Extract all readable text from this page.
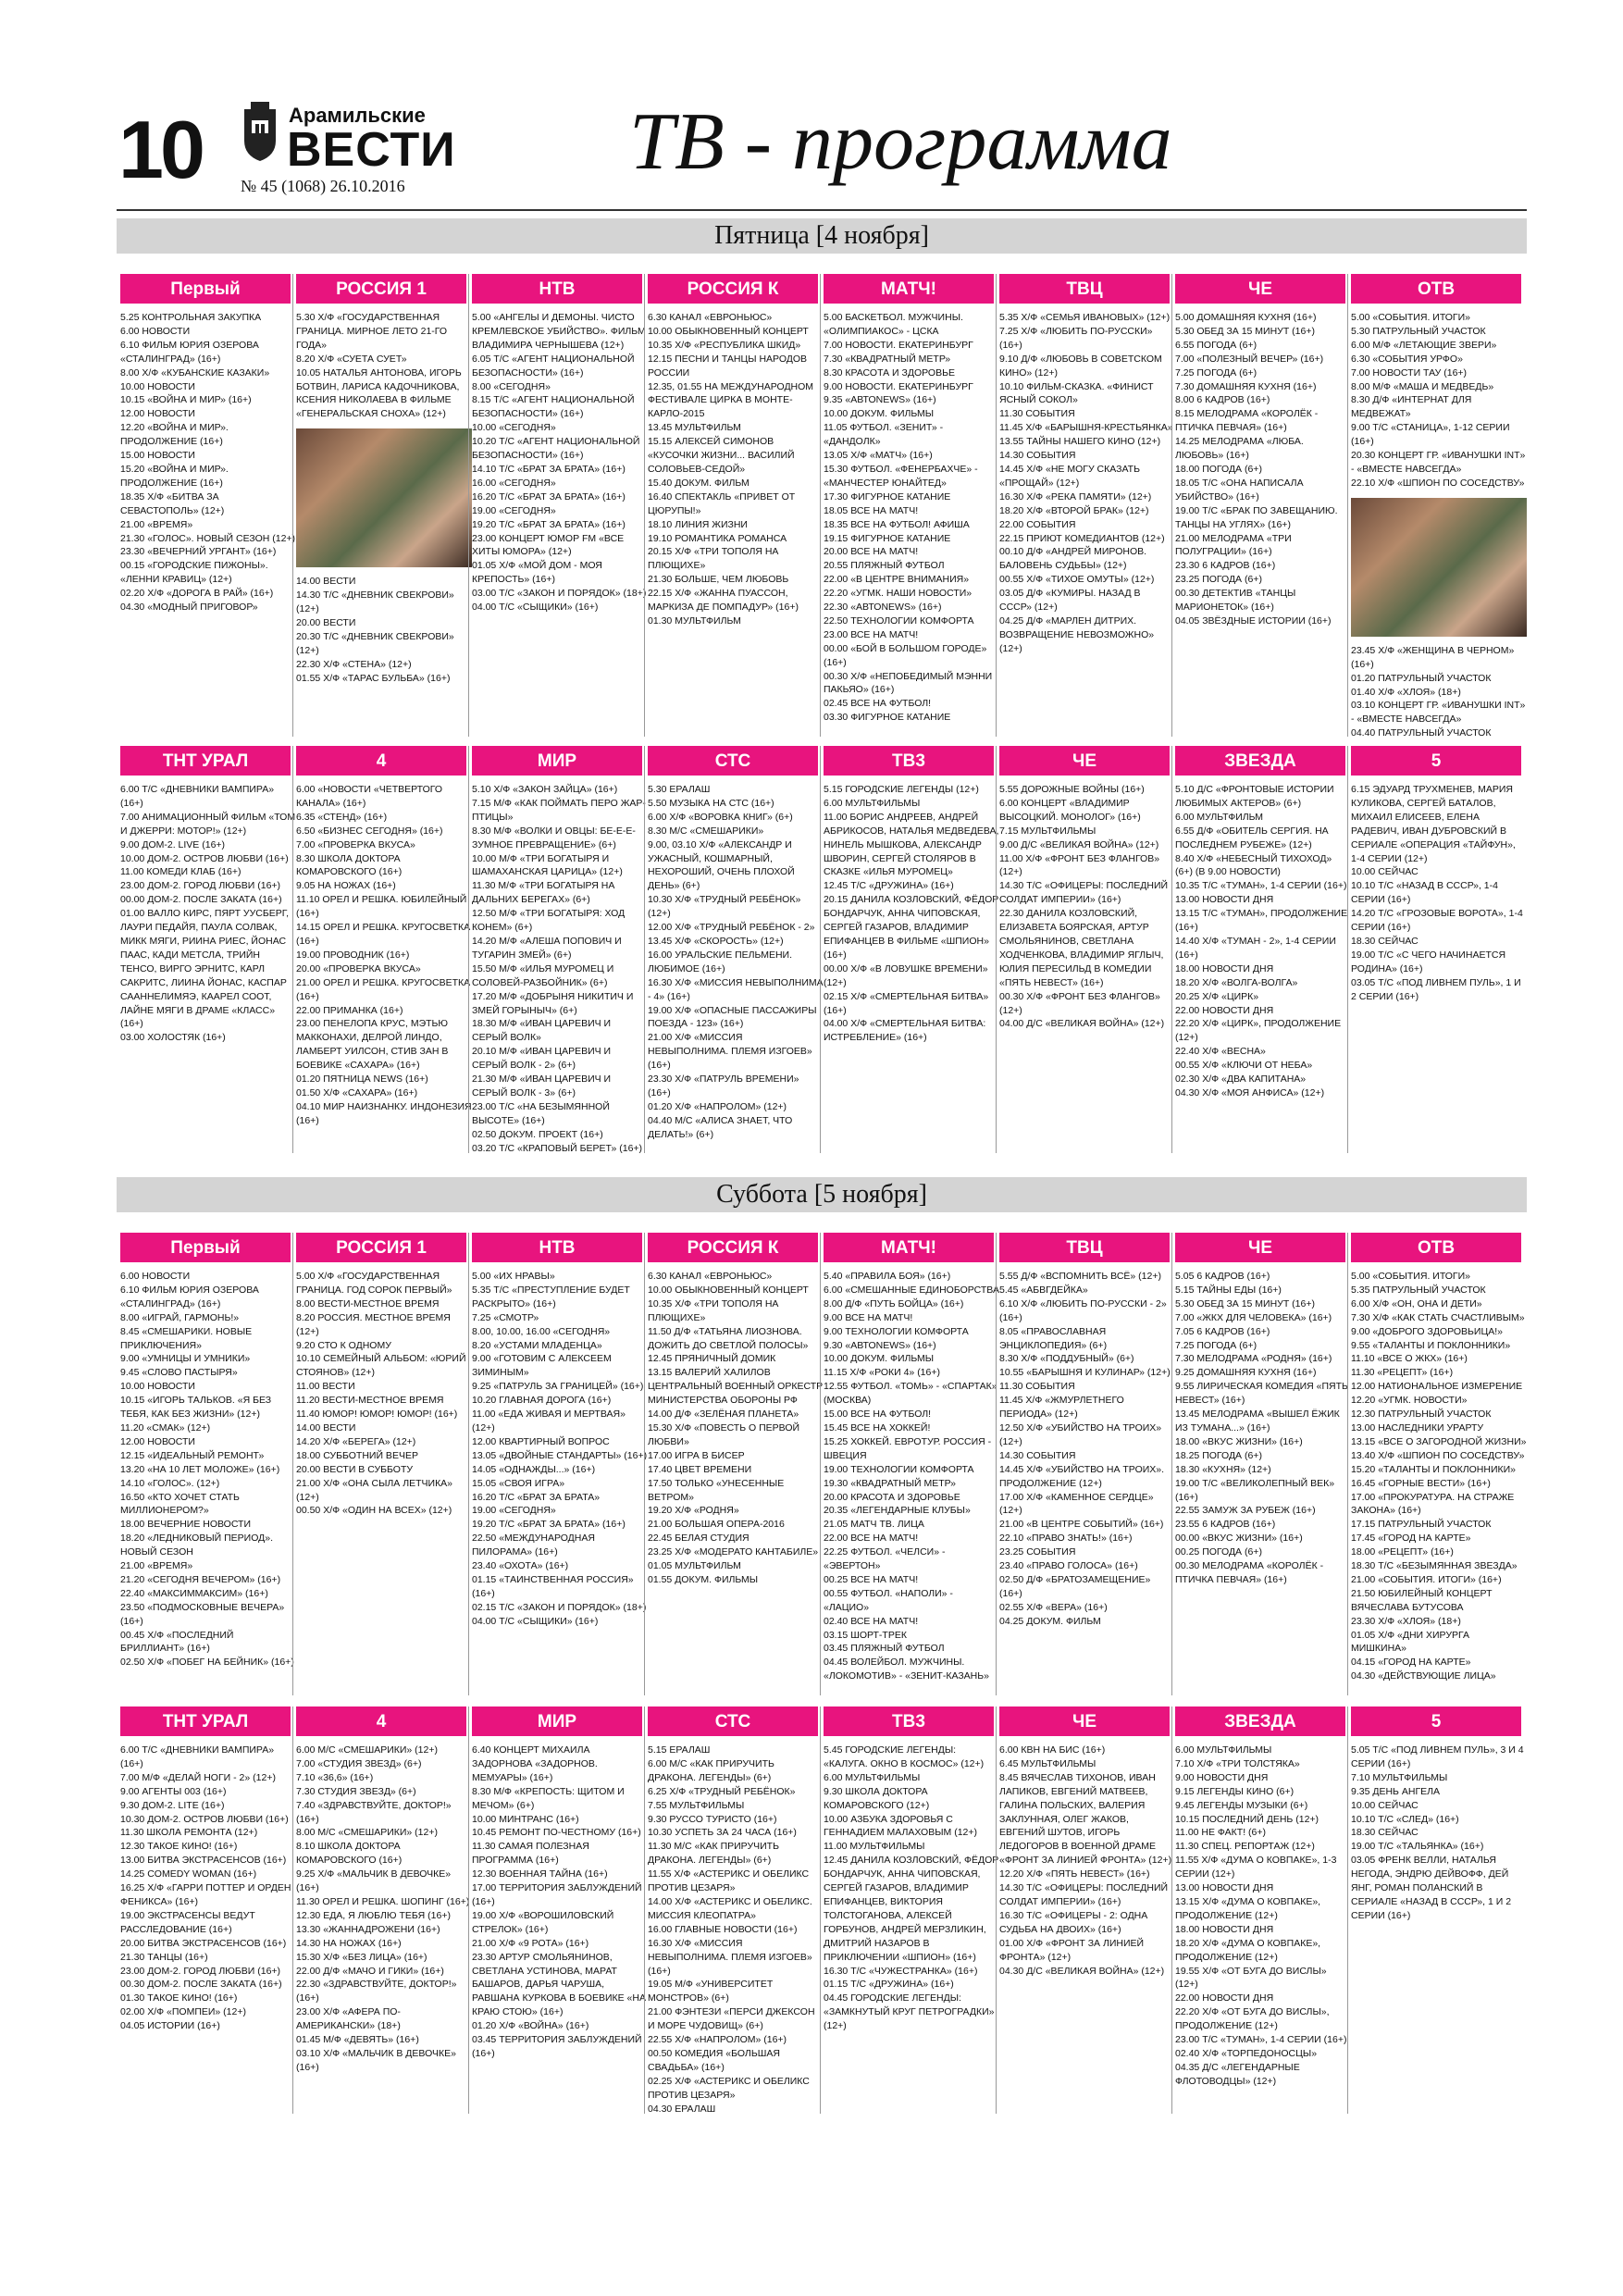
10	Арамильские
ВЕСТИ
№ 45 (1068) 26.10.2016	ТВ - программа
Пятница [4 ноября]
Первый

5.25 КОНТРОЛЬНАЯ ЗАКУПКА

6.00 НОВОСТИ

6.10 ФИЛЬМ ЮРИЯ ОЗЕРОВА «СТАЛИНГРАД» (16+)

8.00 Х/Ф «КУБАНСКИЕ КАЗАКИ»

10.00 НОВОСТИ

10.15 «ВОЙНА И МИР» (16+)

12.00 НОВОСТИ

12.20 «ВОЙНА И МИР». ПРОДОЛЖЕНИЕ (16+)

15.00 НОВОСТИ

15.20 «ВОЙНА И МИР». ПРОДОЛЖЕНИЕ (16+)

18.35 Х/Ф «БИТВА ЗА СЕВАСТОПОЛЬ» (12+)

21.00 «ВРЕМЯ»

21.30 «ГОЛОС». НОВЫЙ СЕЗОН (12+)

23.30 «ВЕЧЕРНИЙ УРГАНТ» (16+)

00.15 «ГОРОДСКИЕ ПИЖОНЫ». «ЛЕННИ КРАВИЦ» (12+)

02.20 Х/Ф «ДОРОГА В РАЙ» (16+)

04.30 «МОДНЫЙ ПРИГОВОР»

РОССИЯ 1

5.30 Х/Ф «ГОСУДАРСТВЕННАЯ ГРАНИЦА. МИРНОЕ ЛЕТО 21-ГО ГОДА»

8.20 Х/Ф «СУЕТА СУЕТ»

10.05 НАТАЛЬЯ АНТОНОВА, ИГОРЬ БОТВИН, ЛАРИСА КАДОЧНИКОВА, КСЕНИЯ НИКОЛАЕВА В ФИЛЬМЕ «ГЕНЕРАЛЬСКАЯ СНОХА» (12+)

14.00 ВЕСТИ

14.30 Т/С «ДНЕВНИК СВЕКРОВИ» (12+)

20.00 ВЕСТИ

20.30 Т/С «ДНЕВНИК СВЕКРОВИ» (12+)

22.30 Х/Ф «СТЕНА» (12+)

01.55 Х/Ф «ТАРАС БУЛЬБА» (16+)

НТВ

5.00 «АНГЕЛЫ И ДЕМОНЫ. ЧИСТО КРЕМЛЕВСКОЕ УБИЙСТВО». ФИЛЬМ ВЛАДИМИРА ЧЕРНЫШЕВА (12+)

6.05 Т/С «АГЕНТ НАЦИОНАЛЬНОЙ БЕЗОПАСНОСТИ» (16+)

8.00 «СЕГОДНЯ»

8.15 Т/С «АГЕНТ НАЦИОНАЛЬНОЙ БЕЗОПАСНОСТИ» (16+)

10.00 «СЕГОДНЯ»

10.20 Т/С «АГЕНТ НАЦИОНАЛЬНОЙ БЕЗОПАСНОСТИ» (16+)

14.10 Т/С «БРАТ ЗА БРАТА» (16+)

16.00 «СЕГОДНЯ»

16.20 Т/С «БРАТ ЗА БРАТА» (16+)

19.00 «СЕГОДНЯ»

19.20 Т/С «БРАТ ЗА БРАТА» (16+)

23.00 КОНЦЕРТ ЮМОР FM «ВСЕ ХИТЫ ЮМОРА» (12+)

01.05 Х/Ф «МОЙ ДОМ - МОЯ КРЕПОСТЬ» (16+)

03.00 Т/С «ЗАКОН И ПОРЯДОК» (18+)

04.00 Т/С «СЫЩИКИ» (16+)

РОССИЯ К

6.30 КАНАЛ «ЕВРОНЬЮС»

10.00 ОБЫКНОВЕННЫЙ КОНЦЕРТ

10.35 Х/Ф «РЕСПУБЛИКА ШКИД»

12.15 ПЕСНИ И ТАНЦЫ НАРОДОВ РОССИИ

12.35, 01.55 НА МЕЖДУНАРОДНОМ ФЕСТИВАЛЕ ЦИРКА В МОНТЕ-КАРЛО-2015

13.45 МУЛЬТФИЛЬМ

15.15 АЛЕКСЕЙ СИМОНОВ «КУСОЧКИ ЖИЗНИ... ВАСИЛИЙ СОЛОВЬЕВ-СЕДОЙ»

15.40 ДОКУМ. ФИЛЬМ

16.40 СПЕКТАКЛЬ «ПРИВЕТ ОТ ЦЮРУПЫ!»

18.10 ЛИНИЯ ЖИЗНИ

19.10 РОМАНТИКА РОМАНСА

20.15 Х/Ф «ТРИ ТОПОЛЯ НА ПЛЮЩИХЕ»

21.30 БОЛЬШЕ, ЧЕМ ЛЮБОВЬ

22.15 Х/Ф «ЖАННА ПУАССОН, МАРКИЗА ДЕ ПОМПАДУР» (16+)

01.30 МУЛЬТФИЛЬМ

МАТЧ!

5.00 БАСКЕТБОЛ. МУЖЧИНЫ. «ОЛИМПИАКОС» - ЦСКА

7.00 НОВОСТИ. ЕКАТЕРИНБУРГ

7.30 «КВАДРАТНЫЙ МЕТР»

8.30 КРАСОТА И ЗДОРОВЬЕ

9.00 НОВОСТИ. ЕКАТЕРИНБУРГ

9.35 «АВТОNEWS» (16+)

10.00 ДОКУМ. ФИЛЬМЫ

11.05 ФУТБОЛ. «ЗЕНИТ» - «ДАНДОЛК»

13.05 Х/Ф «МАТЧ» (16+)

15.30 ФУТБОЛ. «ФЕНЕРБАХЧЕ» - «МАНЧЕСТЕР ЮНАЙТЕД»

17.30 ФИГУРНОЕ КАТАНИЕ

18.05 ВСЕ НА МАТЧ!

18.35 ВСЕ НА ФУТБОЛ! АФИША

19.15 ФИГУРНОЕ КАТАНИЕ

20.00 ВСЕ НА МАТЧ!

20.55 ПЛЯЖНЫЙ ФУТБОЛ

22.00 «В ЦЕНТРЕ ВНИМАНИЯ»

22.20 «УГМК. НАШИ НОВОСТИ»

22.30 «АВТОNEWS» (16+)

22.50 ТЕХНОЛОГИИ КОМФОРТА

23.00 ВСЕ НА МАТЧ!

00.00 «БОЙ В БОЛЬШОМ ГОРОДЕ» (16+)

00.30 Х/Ф «НЕПОБЕДИМЫЙ МЭННИ ПАКЬЯО» (16+)

02.45 ВСЕ НА ФУТБОЛ!

03.30 ФИГУРНОЕ КАТАНИЕ

ТВЦ

5.35 Х/Ф «СЕМЬЯ ИВАНОВЫХ» (12+)

7.25 Х/Ф «ЛЮБИТЬ ПО-РУССКИ» (16+)

9.10 Д/Ф «ЛЮБОВЬ В СОВЕТСКОМ КИНО» (12+)

10.10 ФИЛЬМ-СКАЗКА. «ФИНИСТ ЯСНЫЙ СОКОЛ»

11.30 СОБЫТИЯ

11.45 Х/Ф «БАРЫШНЯ-КРЕСТЬЯНКА»

13.55 ТАЙНЫ НАШЕГО КИНО (12+)

14.30 СОБЫТИЯ

14.45 Х/Ф «НЕ МОГУ СКАЗАТЬ «ПРОЩАЙ» (12+)

16.30 Х/Ф «РЕКА ПАМЯТИ» (12+)

18.20 Х/Ф «ВТОРОЙ БРАК» (12+)

22.00 СОБЫТИЯ

22.15 ПРИЮТ КОМЕДИАНТОВ (12+)

00.10 Д/Ф «АНДРЕЙ МИРОНОВ. БАЛОВЕНЬ СУДЬБЫ» (12+)

00.55 Х/Ф «ТИХОЕ ОМУТЫ» (12+)

03.05 Д/Ф «КУМИРЫ. НАЗАД В СССР» (12+)

04.25 Д/Ф «МАРЛЕН ДИТРИХ. ВОЗВРАЩЕНИЕ НЕВОЗМОЖНО» (12+)

ЧЕ

5.00 ДОМАШНЯЯ КУХНЯ (16+)

5.30 ОБЕД ЗА 15 МИНУТ (16+)

6.55 ПОГОДА (6+)

7.00 «ПОЛЕЗНЫЙ ВЕЧЕР» (16+)

7.25 ПОГОДА (6+)

7.30 ДОМАШНЯЯ КУХНЯ (16+)

8.00 6 КАДРОВ (16+)

8.15 МЕЛОДРАМА «КОРОЛЁК - ПТИЧКА ПЕВЧАЯ» (16+)

14.25 МЕЛОДРАМА «ЛЮБА. ЛЮБОВЬ» (16+)

18.00 ПОГОДА (6+)

18.05 Т/С «ОНА НАПИСАЛА УБИЙСТВО» (16+)

19.00 Т/С «БРАК ПО ЗАВЕЩАНИЮ. ТАНЦЫ НА УГЛЯХ» (16+)

21.00 МЕЛОДРАМА «ТРИ ПОЛУГРАЦИИ» (16+)

23.30 6 КАДРОВ (16+)

23.25 ПОГОДА (6+)

00.30 ДЕТЕКТИВ «ТАНЦЫ МАРИОНЕТОК» (16+)

04.05 ЗВЁЗДНЫЕ ИСТОРИИ (16+)

ОТВ

5.00 «СОБЫТИЯ. ИТОГИ»

5.30 ПАТРУЛЬНЫЙ УЧАСТОК

6.00 М/Ф «ЛЕТАЮЩИЕ ЗВЕРИ»

6.30 «СОБЫТИЯ УРФО»

7.00 НОВОСТИ ТАУ (16+)

8.00 М/Ф «МАША И МЕДВЕДЬ»

8.30 Д/Ф «ИНТЕРНАТ ДЛЯ МЕДВЕЖАТ»

9.00 Т/С «СТАНИЦА», 1-12 СЕРИИ (16+)

20.30 КОНЦЕРТ ГР. «ИВАНУШКИ INT» - «ВМЕСТЕ НАВСЕГДА»

22.10 Х/Ф «ШПИОН ПО СОСЕДСТВУ»

23.45 Х/Ф «ЖЕНЩИНА В ЧЕРНОМ» (16+)

01.20 ПАТРУЛЬНЫЙ УЧАСТОК

01.40 Х/Ф «ХЛОЯ» (18+)

03.10 КОНЦЕРТ ГР. «ИВАНУШКИ INT» - «ВМЕСТЕ НАВСЕГДА»

04.40 ПАТРУЛЬНЫЙ УЧАСТОК

ТНТ УРАЛ

6.00 Т/С «ДНЕВНИКИ ВАМПИРА» (16+)

7.00 АНИМАЦИОННЫЙ ФИЛЬМ «ТОМ И ДЖЕРРИ: МОТОР!» (12+)

9.00 ДОМ-2. LIVE (16+)

10.00 ДОМ-2. ОСТРОВ ЛЮБВИ (16+)

11.00 КОМЕДИ КЛАБ (16+)

23.00 ДОМ-2. ГОРОД ЛЮБВИ (16+)

00.00 ДОМ-2. ПОСЛЕ ЗАКАТА (16+)

01.00 ВАЛЛО КИРС, ПЯРТ УУСБЕРГ, ЛАУРИ ПЕДАЙЯ, ПАУЛА СОЛВАК, МИКК МЯГИ, РИИНА РИЕС, ЙОНАС ПААС, КАДИ МЕТСЛА, ТРИЙН ТЕНСО, ВИРГО ЭРНИТС, КАРЛ САКРИТС, ЛИИНА ЙОНАС, КАСПАР СААННЕЛИМЯЭ, КААРЕЛ СООТ, ЛАЙНЕ МЯГИ В ДРАМЕ «КЛАСС» (16+)

03.00 ХОЛОСТЯК (16+)

4

6.00 «НОВОСТИ «ЧЕТВЕРТОГО КАНАЛА» (16+)

6.35 «СТЕНД» (16+)

6.50 «БИЗНЕС СЕГОДНЯ» (16+)

7.00 «ПРОВЕРКА ВКУСА»

8.30 ШКОЛА ДОКТОРА КОМАРОВСКОГО (16+)

9.05 НА НОЖАХ (16+)

11.10 ОРЕЛ И РЕШКА. ЮБИЛЕЙНЫЙ (16+)

14.15 ОРЕЛ И РЕШКА. КРУГОСВЕТКА (16+)

19.00 ПРОВОДНИК (16+)

20.00 «ПРОВЕРКА ВКУСА»

21.00 ОРЕЛ И РЕШКА. КРУГОСВЕТКА (16+)

22.00 ПРИМАНКА (16+)

23.00 ПЕНЕЛОПА КРУС, МЭТЬЮ МАККОНАХИ, ДЕЛРОЙ ЛИНДО, ЛАМБЕРТ УИЛСОН, СТИВ ЗАН В БОЕВИКЕ «САХАРА» (16+)

01.20 ПЯТНИЦА NEWS (16+)

01.50 Х/Ф «САХАРА» (16+)

04.10 МИР НАИЗНАНКУ. ИНДОНЕЗИЯ (16+)

МИР

5.10 Х/Ф «ЗАКОН ЗАЙЦА» (16+)

7.15 М/Ф «КАК ПОЙМАТЬ ПЕРО ЖАР-ПТИЦЫ»

8.30 М/Ф «ВОЛКИ И ОВЦЫ: БЕ-Е-Е-ЗУМНОЕ ПРЕВРАЩЕНИЕ» (6+)

10.00 М/Ф «ТРИ БОГАТЫРЯ И ШАМАХАНСКАЯ ЦАРИЦА» (12+)

11.30 М/Ф «ТРИ БОГАТЫРЯ НА ДАЛЬНИХ БЕРЕГАХ» (6+)

12.50 М/Ф «ТРИ БОГАТЫРЯ: ХОД КОНЕМ» (6+)

14.20 М/Ф «АЛЕША ПОПОВИЧ И ТУГАРИН ЗМЕЙ» (6+)

15.50 М/Ф «ИЛЬЯ МУРОМЕЦ И СОЛОВЕЙ-РАЗБОЙНИК» (6+)

17.20 М/Ф «ДОБРЫНЯ НИКИТИЧ И ЗМЕЙ ГОРЫНЫЧ» (6+)

18.30 М/Ф «ИВАН ЦАРЕВИЧ И СЕРЫЙ ВОЛК»

20.10 М/Ф «ИВАН ЦАРЕВИЧ И СЕРЫЙ ВОЛК - 2» (6+)

21.30 М/Ф «ИВАН ЦАРЕВИЧ И СЕРЫЙ ВОЛК - 3» (6+)

23.00 Т/С «НА БЕЗЫМЯННОЙ ВЫСОТЕ» (16+)

02.50 ДОКУМ. ПРОЕКТ (16+)

03.20 Т/С «КРАПОВЫЙ БЕРЕТ» (16+)

СТС

5.30 ЕРАЛАШ

5.50 МУЗЫКА НА СТС (16+)

6.00 Х/Ф «ВОРОВКА КНИГ» (6+)

8.30 М/С «СМЕШАРИКИ»

9.00, 03.10 Х/Ф «АЛЕКСАНДР И УЖАСНЫЙ, КОШМАРНЫЙ, НЕХОРОШИЙ, ОЧЕНЬ ПЛОХОЙ ДЕНЬ» (6+)

10.30 Х/Ф «ТРУДНЫЙ РЕБЁНОК» (12+)

12.00 Х/Ф «ТРУДНЫЙ РЕБЁНОК - 2»

13.45 Х/Ф «СКОРОСТЬ» (12+)

16.00 УРАЛЬСКИЕ ПЕЛЬМЕНИ. ЛЮБИМОЕ (16+)

16.30 Х/Ф «МИССИЯ НЕВЫПОЛНИМА - 4» (16+)

19.00 Х/Ф «ОПАСНЫЕ ПАССАЖИРЫ ПОЕЗДА - 123» (16+)

21.00 Х/Ф «МИССИЯ НЕВЫПОЛНИМА. ПЛЕМЯ ИЗГОЕВ» (16+)

23.30 Х/Ф «ПАТРУЛЬ ВРЕМЕНИ» (16+)

01.20 Х/Ф «НАПРОЛОМ» (12+)

04.40 М/С «АЛИСА ЗНАЕТ, ЧТО ДЕЛАТЬ!» (6+)

ТВ3

5.15 ГОРОДСКИЕ ЛЕГЕНДЫ (12+)

6.00 МУЛЬТФИЛЬМЫ

11.00 БОРИС АНДРЕЕВ, АНДРЕЙ АБРИКОСОВ, НАТАЛЬЯ МЕДВЕДЕВА, НИНЕЛЬ МЫШКОВА, АЛЕКСАНДР ШВОРИН, СЕРГЕЙ СТОЛЯРОВ В СКАЗКЕ «ИЛЬЯ МУРОМЕЦ»

12.45 Т/С «ДРУЖИНА» (16+)

20.15 ДАНИЛА КОЗЛОВСКИЙ, ФЁДОР БОНДАРЧУК, АННА ЧИПОВСКАЯ, СЕРГЕЙ ГАЗАРОВ, ВЛАДИМИР ЕПИФАНЦЕВ В ФИЛЬМЕ «ШПИОН» (16+)

00.00 Х/Ф «В ЛОВУШКЕ ВРЕМЕНИ» (12+)

02.15 Х/Ф «СМЕРТЕЛЬНАЯ БИТВА» (16+)

04.00 Х/Ф «СМЕРТЕЛЬНАЯ БИТВА: ИСТРЕБЛЕНИЕ» (16+)

ЧЕ

5.55 ДОРОЖНЫЕ ВОЙНЫ (16+)

6.00 КОНЦЕРТ «ВЛАДИМИР ВЫСОЦКИЙ. МОНОЛОГ» (16+)

7.15 МУЛЬТФИЛЬМЫ

9.00 Д/С «ВЕЛИКАЯ ВОЙНА» (12+)

11.00 Х/Ф «ФРОНТ БЕЗ ФЛАНГОВ» (12+)

14.30 Т/С «ОФИЦЕРЫ: ПОСЛЕДНИЙ СОЛДАТ ИМПЕРИИ» (16+)

22.30 ДАНИЛА КОЗЛОВСКИЙ, ЕЛИЗАВЕТА БОЯРСКАЯ, АРТУР СМОЛЬЯНИНОВ, СВЕТЛАНА ХОДЧЕНКОВА, ВЛАДИМИР ЯГЛЫЧ, ЮЛИЯ ПЕРЕСИЛЬД В КОМЕДИИ «ПЯТЬ НЕВЕСТ» (16+)

00.30 Х/Ф «ФРОНТ БЕЗ ФЛАНГОВ» (12+)

04.00 Д/С «ВЕЛИКАЯ ВОЙНА» (12+)

ЗВЕЗДА

5.10 Д/С «ФРОНТОВЫЕ ИСТОРИИ ЛЮБИМЫХ АКТЕРОВ» (6+)

6.00 МУЛЬТФИЛЬМ

6.55 Д/Ф «ОБИТЕЛЬ СЕРГИЯ. НА ПОСЛЕДНЕМ РУБЕЖЕ» (12+)

8.40 Х/Ф «НЕБЕСНЫЙ ТИХОХОД» (6+) (В 9.00 НОВОСТИ)

10.35 Т/С «ТУМАН», 1-4 СЕРИИ (16+)

13.00 НОВОСТИ ДНЯ

13.15 Т/С «ТУМАН», ПРОДОЛЖЕНИЕ (16+)

14.40 Х/Ф «ТУМАН - 2», 1-4 СЕРИИ (16+)

18.00 НОВОСТИ ДНЯ

18.20 Х/Ф «ВОЛГА-ВОЛГА»

20.25 Х/Ф «ЦИРК»

22.00 НОВОСТИ ДНЯ

22.20 Х/Ф «ЦИРК», ПРОДОЛЖЕНИЕ (12+)

22.40 Х/Ф «ВЕСНА»

00.55 Х/Ф «КЛЮЧИ ОТ НЕБА»

02.30 Х/Ф «ДВА КАПИТАНА»

04.30 Х/Ф «МОЯ АНФИСА» (12+)

5

6.15 ЭДУАРД ТРУХМЕНЕВ, МАРИЯ КУЛИКОВА, СЕРГЕЙ БАТАЛОВ, МИХАИЛ ЕЛИСЕЕВ, ЕЛЕНА РАДЕВИЧ, ИВАН ДУБРОВСКИЙ В СЕРИАЛЕ «ОПЕРАЦИЯ «ТАЙФУН», 1-4 СЕРИИ (12+)

10.00 СЕЙЧАС

10.10 Т/С «НАЗАД В СССР», 1-4 СЕРИИ (16+)

14.20 Т/С «ГРОЗОВЫЕ ВОРОТА», 1-4 СЕРИИ (16+)

18.30 СЕЙЧАС

19.00 Т/С «С ЧЕГО НАЧИНАЕТСЯ РОДИНА» (16+)

03.05 Т/С «ПОД ЛИВНЕМ ПУЛЬ», 1 И 2 СЕРИИ (16+)

Суббота [5 ноября]
Первый

6.00 НОВОСТИ

6.10 ФИЛЬМ ЮРИЯ ОЗЕРОВА «СТАЛИНГРАД» (16+)

8.00 «ИГРАЙ, ГАРМОНЬ!»

8.45 «СМЕШАРИКИ. НОВЫЕ ПРИКЛЮЧЕНИЯ»

9.00 «УМНИЦЫ И УМНИКИ»

9.45 «СЛОВО ПАСТЫРЯ»

10.00 НОВОСТИ

10.15 «ИГОРЬ ТАЛЬКОВ. «Я БЕЗ ТЕБЯ, КАК БЕЗ ЖИЗНИ» (12+)

11.20 «СМАК» (12+)

12.00 НОВОСТИ

12.15 «ИДЕАЛЬНЫЙ РЕМОНТ»

13.20 «НА 10 ЛЕТ МОЛОЖЕ» (16+)

14.10 «ГОЛОС». (12+)

16.50 «КТО ХОЧЕТ СТАТЬ МИЛЛИОНЕРОМ?»

18.00 ВЕЧЕРНИЕ НОВОСТИ

18.20 «ЛЕДНИКОВЫЙ ПЕРИОД». НОВЫЙ СЕЗОН

21.00 «ВРЕМЯ»

21.20 «СЕГОДНЯ ВЕЧЕРОМ» (16+)

22.40 «МАКСИММАКСИМ» (16+)

23.50 «ПОДМОСКОВНЫЕ ВЕЧЕРА» (16+)

00.45 Х/Ф «ПОСЛЕДНИЙ БРИЛЛИАНТ» (16+)

02.50 Х/Ф «ПОБЕГ НА БЕЙНИК» (16+)

РОССИЯ 1

5.00 Х/Ф «ГОСУДАРСТВЕННАЯ ГРАНИЦА. ГОД СОРОК ПЕРВЫЙ»

8.00 ВЕСТИ-МЕСТНОЕ ВРЕМЯ

8.20 РОССИЯ. МЕСТНОЕ ВРЕМЯ (12+)

9.20 СТО К ОДНОМУ

10.10 СЕМЕЙНЫЙ АЛЬБОМ: «ЮРИЙ СТОЯНОВ» (12+)

11.00 ВЕСТИ

11.20 ВЕСТИ-МЕСТНОЕ ВРЕМЯ

11.40 ЮМОР! ЮМОР! ЮМОР! (16+)

14.00 ВЕСТИ

14.20 Х/Ф «БЕРЕГА» (12+)

18.00 СУББОТНИЙ ВЕЧЕР

20.00 ВЕСТИ В СУББОТУ

21.00 Х/Ф «ОНА СЫЛА ЛЕТЧИКА» (12+)

00.50 Х/Ф «ОДИН НА ВСЕХ» (12+)

НТВ

5.00 «ИХ НРАВЫ»

5.35 Т/С «ПРЕСТУПЛЕНИЕ БУДЕТ РАСКРЫТО» (16+)

7.25 «СМОТР»

8.00, 10.00, 16.00 «СЕГОДНЯ»

8.20 «УСТАМИ МЛАДЕНЦА»

9.00 «ГОТОВИМ С АЛЕКСЕЕМ ЗИМИНЫМ»

9.25 «ПАТРУЛЬ ЗА ГРАНИЦЕЙ» (16+)

10.20 ГЛАВНАЯ ДОРОГА (16+)

11.00 «ЕДА ЖИВАЯ И МЕРТВАЯ» (12+)

12.00 КВАРТИРНЫЙ ВОПРОС

13.05 «ДВОЙНЫЕ СТАНДАРТЫ» (16+)

14.05 «ОДНАЖДЫ...» (16+)

15.05 «СВОЯ ИГРА»

16.20 Т/С «БРАТ ЗА БРАТА»

19.00 «СЕГОДНЯ»

19.20 Т/С «БРАТ ЗА БРАТА» (16+)

22.50 «МЕЖДУНАРОДНАЯ ПИЛОРАМА» (16+)

23.40 «ОХОТА» (16+)

01.15 «ТАИНСТВЕННАЯ РОССИЯ» (16+)

02.15 Т/С «ЗАКОН И ПОРЯДОК» (18+)

04.00 Т/С «СЫЩИКИ» (16+)

РОССИЯ К

6.30 КАНАЛ «ЕВРОНЬЮС»

10.00 ОБЫКНОВЕННЫЙ КОНЦЕРТ

10.35 Х/Ф «ТРИ ТОПОЛЯ НА ПЛЮЩИХЕ»

11.50 Д/Ф «ТАТЬЯНА ЛИОЗНОВА. ДОЖИТЬ ДО СВЕТЛОЙ ПОЛОСЫ»

12.45 ПРЯНИЧНЫЙ ДОМИК

13.15 ВАЛЕРИЙ ХАЛИЛОВ ЦЕНТРАЛЬНЫЙ ВОЕННЫЙ ОРКЕСТР МИНИСТЕРСТВА ОБОРОНЫ РФ

14.00 Д/Ф «ЗЕЛЁНАЯ ПЛАНЕТА»

15.30 Х/Ф «ПОВЕСТЬ О ПЕРВОЙ ЛЮБВИ»

17.00 ИГРА В БИСЕР

17.40 ЦВЕТ ВРЕМЕНИ

17.50 ТОЛЬКО «УНЕСЕННЫЕ ВЕТРОМ»

19.20 Х/Ф «РОДНЯ»

21.00 БОЛЬШАЯ ОПЕРА-2016

22.45 БЕЛАЯ СТУДИЯ

23.25 Х/Ф «МОДЕРАТО КАНТАБИЛЕ»

01.05 МУЛЬТФИЛЬМ

01.55 ДОКУМ. ФИЛЬМЫ

МАТЧ!

5.40 «ПРАВИЛА БОЯ» (16+)

6.00 «СМЕШАННЫЕ ЕДИНОБОРСТВА

8.00 Д/Ф «ПУТЬ БОЙЦА» (16+)

9.00 ВСЕ НА МАТЧ!

9.00 ТЕХНОЛОГИИ КОМФОРТА

9.30 «АВТОNEWS» (16+)

10.00 ДОКУМ. ФИЛЬМЫ

11.15 Х/Ф «РОКИ 4» (16+)

12.55 ФУТБОЛ. «ТОМЬ» - «СПАРТАК» (МОСКВА)

15.00 ВСЕ НА ФУТБОЛ!

15.45 ВСЕ НА ХОККЕЙ!

15.25 ХОККЕЙ. ЕВРОТУР. РОССИЯ - ШВЕЦИЯ

19.00 ТЕХНОЛОГИИ КОМФОРТА

19.30 «КВАДРАТНЫЙ МЕТР»

20.00 КРАСОТА И ЗДОРОВЬЕ

20.35 «ЛЕГЕНДАРНЫЕ КЛУБЫ»

21.05 МАТЧ ТВ. ЛИЦА

22.00 ВСЕ НА МАТЧ!

22.25 ФУТБОЛ. «ЧЕЛСИ» - «ЭВЕРТОН»

00.25 ВСЕ НА МАТЧ!

00.55 ФУТБОЛ. «НАПОЛИ» - «ЛАЦИО»

02.40 ВСЕ НА МАТЧ!

03.15 ШОРТ-ТРЕК

03.45 ПЛЯЖНЫЙ ФУТБОЛ

04.45 ВОЛЕЙБОЛ. МУЖЧИНЫ. «ЛОКОМОТИВ» - «ЗЕНИТ-КАЗАНЬ»

ТВЦ

5.55 Д/Ф «ВСПОМНИТЬ ВСЁ» (12+)

5.45 «АБВГДЕЙКА»

6.10 Х/Ф «ЛЮБИТЬ ПО-РУССКИ - 2» (16+)

8.05 «ПРАВОСЛАВНАЯ ЭНЦИКЛОПЕДИЯ» (6+)

8.30 Х/Ф «ПОДДУБНЫЙ» (6+)

10.55 «БАРЫШНЯ И КУЛИНАР» (12+)

11.30 СОБЫТИЯ

11.45 Х/Ф «ЖМУРЛЕТНЕГО ПЕРИОДА» (12+)

12.50 Х/Ф «УБИЙСТВО НА ТРОИХ» (12+)

14.30 СОБЫТИЯ

14.45 Х/Ф «УБИЙСТВО НА ТРОИХ». ПРОДОЛЖЕНИЕ (12+)

17.00 Х/Ф «КАМЕННОЕ СЕРДЦЕ» (12+)

21.00 «В ЦЕНТРЕ СОБЫТИЙ» (16+)

22.10 «ПРАВО ЗНАТЬ!» (16+)

23.25 СОБЫТИЯ

23.40 «ПРАВО ГОЛОСА» (16+)

02.50 Д/Ф «БРАТОЗАМЕЩЕНИЕ» (16+)

02.55 Х/Ф «ВЕРА» (16+)

04.25 ДОКУМ. ФИЛЬМ

ЧЕ

5.05 6 КАДРОВ (16+)

5.15 ТАЙНЫ ЕДЫ (16+)

5.30 ОБЕД ЗА 15 МИНУТ (16+)

7.00 «ЖКХ ДЛЯ ЧЕЛОВЕКА» (16+)

7.05 6 КАДРОВ (16+)

7.25 ПОГОДА (6+)

7.30 МЕЛОДРАМА «РОДНЯ» (16+)

9.25 ДОМАШНЯЯ КУХНЯ (16+)

9.55 ЛИРИЧЕСКАЯ КОМЕДИЯ «ПЯТЬ НЕВЕСТ» (16+)

13.45 МЕЛОДРАМА «ВЫШЕЛ ЁЖИК ИЗ ТУМАНА...» (16+)

18.00 «ВКУС ЖИЗНИ» (16+)

18.25 ПОГОДА (6+)

18.30 «КУХНЯ» (12+)

19.00 Т/С «ВЕЛИКОЛЕПНЫЙ ВЕК» (16+)

22.55 ЗАМУЖ ЗА РУБЕЖ (16+)

23.55 6 КАДРОВ (16+)

00.00 «ВКУС ЖИЗНИ» (16+)

00.25 ПОГОДА (6+)

00.30 МЕЛОДРАМА «КОРОЛЁК - ПТИЧКА ПЕВЧАЯ» (16+)

ОТВ

5.00 «СОБЫТИЯ. ИТОГИ»

5.35 ПАТРУЛЬНЫЙ УЧАСТОК

6.00 Х/Ф «ОН, ОНА И ДЕТИ»

7.30 Х/Ф «КАК СТАТЬ СЧАСТЛИВЫМ»

9.00 «ДОБРОГО ЗДОРОВЬИЦА!»

9.55 «ТАЛАНТЫ И ПОКЛОННИКИ»

11.10 «ВСЕ О ЖКХ» (16+)

11.30 «РЕЦЕПТ» (16+)

12.00 НАТИОНАЛЬНОЕ ИЗМЕРЕНИЕ

12.20 «УГМК. НОВОСТИ»

12.30 ПАТРУЛЬНЫЙ УЧАСТОК

13.00 НАСЛЕДНИКИ УРАРТУ

13.15 «ВСЕ О ЗАГОРОДНОЙ ЖИЗНИ»

13.40 Х/Ф «ШПИОН ПО СОСЕДСТВУ»

15.20 «ТАЛАНТЫ И ПОКЛОННИКИ»

16.45 «ГОРНЫЕ ВЕСТИ» (16+)

17.00 «ПРОКУРАТУРА. НА СТРАЖЕ ЗАКОНА» (16+)

17.15 ПАТРУЛЬНЫЙ УЧАСТОК

17.45 «ГОРОД НА КАРТЕ»

18.00 «РЕЦЕПТ» (16+)

18.30 Т/С «БЕЗЫМЯННАЯ ЗВЕЗДА»

21.00 «СОБЫТИЯ. ИТОГИ» (16+)

21.50 ЮБИЛЕЙНЫЙ КОНЦЕРТ ВЯЧЕСЛАВА БУТУСОВА

23.30 Х/Ф «ХЛОЯ» (18+)

01.05 Х/Ф «ДНИ ХИРУРГА МИШКИНА»

04.15 «ГОРОД НА КАРТЕ»

04.30 «ДЕЙСТВУЮЩИЕ ЛИЦА»

ТНТ УРАЛ

6.00 Т/С «ДНЕВНИКИ ВАМПИРА» (16+)

7.00 М/Ф «ДЕЛАЙ НОГИ - 2» (12+)

9.00 АГЕНТЫ 003 (16+)

9.30 ДОМ-2. LITE (16+)

10.30 ДОМ-2. ОСТРОВ ЛЮБВИ (16+)

11.30 ШКОЛА РЕМОНТА (12+)

12.30 ТАКОЕ КИНО! (16+)

13.00 БИТВА ЭКСТРАСЕНСОВ (16+)

14.25 COMEDY WOMAN (16+)

16.25 Х/Ф «ГАРРИ ПОТТЕР И ОРДЕН ФЕНИКСА» (16+)

19.00 ЭКСТРАСЕНСЫ ВЕДУТ РАССЛЕДОВАНИЕ (16+)

20.00 БИТВА ЭКСТРАСЕНСОВ (16+)

21.30 ТАНЦЫ (16+)

23.00 ДОМ-2. ГОРОД ЛЮБВИ (16+)

00.30 ДОМ-2. ПОСЛЕ ЗАКАТА (16+)

01.30 ТАКОЕ КИНО! (16+)

02.00 Х/Ф «ПОМПЕИ» (12+)

04.05 ИСТОРИИ (16+)

4

6.00 М/С «СМЕШАРИКИ» (12+)

7.00 «СТУДИЯ ЗВЕЗД» (6+)

7.10 «36,6» (16+)

7.30 СТУДИЯ ЗВЕЗД» (6+)

7.40 «ЗДРАВСТВУЙТЕ, ДОКТОР!» (16+)

8.00 М/С «СМЕШАРИКИ» (12+)

8.10 ШКОЛА ДОКТОРА КОМАРОВСКОГО (16+)

9.25 Х/Ф «МАЛЬЧИК В ДЕВОЧКЕ» (16+)

11.30 ОРЕЛ И РЕШКА. ШОПИНГ (16+)

12.30 ЕДА, Я ЛЮБЛЮ ТЕБЯ (16+)

13.30 «ЖАННАДРОЖЕНИ (16+)

14.30 НА НОЖАХ (16+)

15.30 Х/Ф «БЕЗ ЛИЦА» (16+)

22.00 Д/Ф «МАЧО И ГИКИ» (16+)

22.30 «ЗДРАВСТВУЙТЕ, ДОКТОР!» (16+)

23.00 Х/Ф «АФЕРА ПО-АМЕРИКАНСКИ» (18+)

01.45 М/Ф «ДЕВЯТЬ» (16+)

03.10 Х/Ф «МАЛЬЧИК В ДЕВОЧКЕ» (16+)

МИР

6.40 КОНЦЕРТ МИХАИЛА ЗАДОРНОВА «ЗАДОРНОВ. МЕМУАРЫ» (16+)

8.30 М/Ф «КРЕПОСТЬ: ЩИТОМ И МЕЧОМ» (6+)

10.00 МИНТРАНС (16+)

10.45 РЕМОНТ ПО-ЧЕСТНОМУ (16+)

11.30 САМАЯ ПОЛЕЗНАЯ ПРОГРАММА (16+)

12.30 ВОЕННАЯ ТАЙНА (16+)

17.00 ТЕРРИТОРИЯ ЗАБЛУЖДЕНИЙ (16+)

19.00 Х/Ф «ВОРОШИЛОВСКИЙ СТРЕЛОК» (16+)

21.00 Х/Ф «9 РОТА» (16+)

23.30 АРТУР СМОЛЬЯНИНОВ, СВЕТЛАНА УСТИНОВА, МАРАТ БАШАРОВ, ДАРЬЯ ЧАРУША, РАВШАНА КУРКОВА В БОЕВИКЕ «НА КРАЮ СТОЮ» (16+)

01.20 Х/Ф «ВОЙНА» (16+)

03.45 ТЕРРИТОРИЯ ЗАБЛУЖДЕНИЙ (16+)

СТС

5.15 ЕРАЛАШ

6.00 М/С «КАК ПРИРУЧИТЬ ДРАКОНА. ЛЕГЕНДЫ» (6+)

6.25 Х/Ф «ТРУДНЫЙ РЕБЁНОК»

7.55 МУЛЬТФИЛЬМЫ

9.30 РУССО ТУРИСТО (16+)

10.30 УСПЕТЬ ЗА 24 ЧАСА (16+)

11.30 М/С «КАК ПРИРУЧИТЬ ДРАКОНА. ЛЕГЕНДЫ» (6+)

11.55 Х/Ф «АСТЕРИКС И ОБЕЛИКС ПРОТИВ ЦЕЗАРЯ»

14.00 Х/Ф «АСТЕРИКС И ОБЕЛИКС. МИССИЯ КЛЕОПАТРА»

16.00 ГЛАВНЫЕ НОВОСТИ (16+)

16.30 Х/Ф «МИССИЯ НЕВЫПОЛНИМА. ПЛЕМЯ ИЗГОЕВ» (16+)

19.05 М/Ф «УНИВЕРСИТЕТ МОНСТРОВ» (6+)

21.00 ФЭНТЕЗИ «ПЕРСИ ДЖЕКСОН И МОРЕ ЧУДОВИЩ» (6+)

22.55 Х/Ф «НАПРОЛОМ» (16+)

00.50 КОМЕДИЯ «БОЛЬШАЯ СВАДЬБА» (16+)

02.25 Х/Ф «АСТЕРИКС И ОБЕЛИКС ПРОТИВ ЦЕЗАРЯ»

04.30 ЕРАЛАШ

ТВ3

5.45 ГОРОДСКИЕ ЛЕГЕНДЫ: «КАЛУГА. ОКНО В КОСМОС» (12+)

6.00 МУЛЬТФИЛЬМЫ

9.30 ШКОЛА ДОКТОРА КОМАРОВСКОГО (12+)

10.00 АЗБУКА ЗДОРОВЬЯ С ГЕННАДИЕМ МАЛАХОВЫМ (12+)

11.00 МУЛЬТФИЛЬМЫ

12.45 ДАНИЛА КОЗЛОВСКИЙ, ФЁДОР БОНДАРЧУК, АННА ЧИПОВСКАЯ, СЕРГЕЙ ГАЗАРОВ, ВЛАДИМИР ЕПИФАНЦЕВ, ВИКТОРИЯ ТОЛСТОГАНОВА, АЛЕКСЕЙ ГОРБУНОВ, АНДРЕЙ МЕРЗЛИКИН, ДМИТРИЙ НАЗАРОВ В ПРИКЛЮЧЕНИИ «ШПИОН» (16+)

16.30 Т/С «ЧУЖЕСТРАНКА» (16+)

01.15 Т/С «ДРУЖИНА» (16+)

04.45 ГОРОДСКИЕ ЛЕГЕНДЫ: «ЗАМКНУТЫЙ КРУГ ПЕТРОГРАДКИ» (12+)

ЧЕ

6.00 КВН НА БИС (16+)

6.45 МУЛЬТФИЛЬМЫ

8.45 ВЯЧЕСЛАВ ТИХОНОВ, ИВАН ЛАПИКОВ, ЕВГЕНИЙ МАТВЕЕВ, ГАЛИНА ПОЛЬСКИХ, ВАЛЕРИЯ ЗАКЛУННАЯ, ОЛЕГ ЖАКОВ, ЕВГЕНИЙ ШУТОВ, ИГОРЬ ЛЕДОГОРОВ В ВОЕННОЙ ДРАМЕ «ФРОНТ ЗА ЛИНИЕЙ ФРОНТА» (12+)

12.20 Х/Ф «ПЯТЬ НЕВЕСТ» (16+)

14.30 Т/С «ОФИЦЕРЫ: ПОСЛЕДНИЙ СОЛДАТ ИМПЕРИИ» (16+)

16.30 Т/С «ОФИЦЕРЫ - 2: ОДНА СУДЬБА НА ДВОИХ» (16+)

01.00 Х/Ф «ФРОНТ ЗА ЛИНИЕЙ ФРОНТА» (12+)

04.30 Д/С «ВЕЛИКАЯ ВОЙНА» (12+)

ЗВЕЗДА

6.00 МУЛЬТФИЛЬМЫ

7.10 Х/Ф «ТРИ ТОЛСТЯКА»

9.00 НОВОСТИ ДНЯ

9.15 ЛЕГЕНДЫ КИНО (6+)

9.45 ЛЕГЕНДЫ МУЗЫКИ (6+)

10.15 ПОСЛЕДНИЙ ДЕНЬ (12+)

11.00 НЕ ФАКТ! (6+)

11.30 СПЕЦ. РЕПОРТАЖ (12+)

11.55 Х/Ф «ДУМА О КОВПАКЕ», 1-3 СЕРИИ (12+)

13.00 НОВОСТИ ДНЯ

13.15 Х/Ф «ДУМА О КОВПАКЕ», ПРОДОЛЖЕНИЕ (12+)

18.00 НОВОСТИ ДНЯ

18.20 Х/Ф «ДУМА О КОВПАКЕ», ПРОДОЛЖЕНИЕ (12+)

19.55 Х/Ф «ОТ БУГА ДО ВИСЛЫ» (12+)

22.00 НОВОСТИ ДНЯ

22.20 Х/Ф «ОТ БУГА ДО ВИСЛЫ», ПРОДОЛЖЕНИЕ (12+)

23.00 Т/С «ТУМАН», 1-4 СЕРИИ (16+)

02.40 Х/Ф «ТОРПЕДОНОСЦЫ»

04.35 Д/С «ЛЕГЕНДАРНЫЕ ФЛОТОВОДЦЫ» (12+)

5

5.05 Т/С «ПОД ЛИВНЕМ ПУЛЬ», 3 И 4 СЕРИИ (16+)

7.10 МУЛЬТФИЛЬМЫ

9.35 ДЕНЬ АНГЕЛА

10.00 СЕЙЧАС

10.10 Т/С «СЛЕД» (16+)

18.30 СЕЙЧАС

19.00 Т/С «ТАЛЬЯНКА» (16+)

03.05 ФРЕНК ВЕЛЛИ, НАТАЛЬЯ НЕГОДА, ЭНДРЮ ДЕЙВОФФ, ДЕЙ ЯНГ, РОМАН ПОЛАНСКИЙ В СЕРИАЛЕ «НАЗАД В СССР», 1 И 2 СЕРИИ (16+)
